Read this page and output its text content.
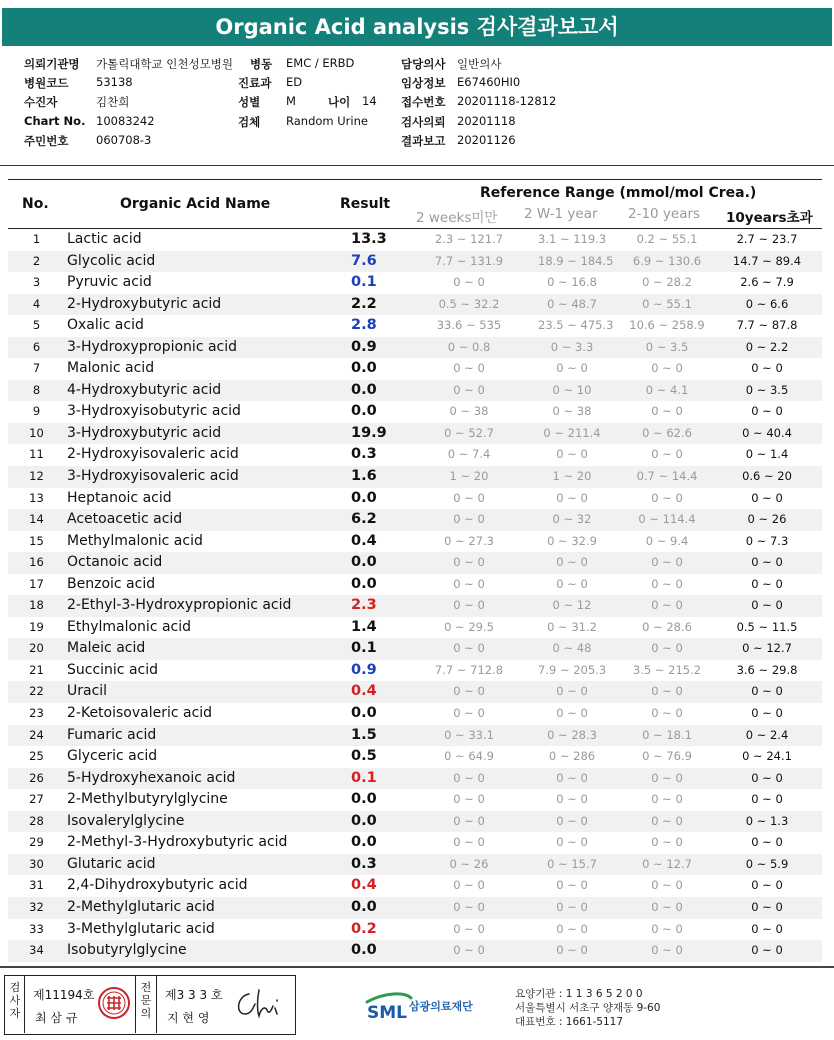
Organic Acid analysis 검사결과보고서
의뢰기관명 가톨릭대학교 인천성모병원 병동 EMC / ERBD	담당의사 일반의사
병원코드 53138	진료과 ED	임상정보 E67460HI0
수진자	김찬희	성별 M	나이 14 접수번호 20201118-12812
Chart No. 10083242	검체 Random Urine	검사의뢰 20201118
주민번호 060708-3	결과보고 20201126
No.	Organic Acid Name	Result
Reference Range (mmol/mol Crea.)
2 weeks미만 2 W-1 year 2-10 years 10years초과
1	Lactic acid	13.3	2.3 ~ 121.7	3.1 ~ 119.3	0.2 ~ 55.1	2.7 ~ 23.7
2	Glycolic acid	7.6	7.7 ~ 131.9	18.9 ~ 184.5	6.9 ~ 130.6	14.7 ~ 89.4
3	Pyruvic acid	0.1	0 ~ 0	0 ~ 16.8	0 ~ 28.2	2.6 ~ 7.9
4	2-Hydroxybutyric acid	2.2	0.5 ~ 32.2	0 ~ 48.7	0 ~ 55.1	0 ~ 6.6
5	Oxalic acid	2.8	33.6 ~ 535	23.5 ~ 475.3 10.6 ~ 258.9	7.7 ~ 87.8
6	3-Hydroxypropionic acid	0.9	0 ~ 0.8	0 ~ 3.3	0 ~ 3.5	0 ~ 2.2
7	Malonic acid	0.0	0 ~ 0	0 ~ 0	0 ~ 0	0 ~ 0
8	4-Hydroxybutyric acid	0.0	0 ~ 0	0 ~ 10	0 ~ 4.1	0 ~ 3.5
9	3-Hydroxyisobutyric acid	0.0	0 ~ 38	0 ~ 38	0 ~ 0	0 ~ 0
10	3-Hydroxybutyric acid	19.9	0 ~ 52.7	0 ~ 211.4	0 ~ 62.6	0 ~ 40.4
11	2-Hydroxyisovaleric acid	0.3	0 ~ 7.4	0 ~ 0	0 ~ 0	0 ~ 1.4
12	3-Hydroxyisovaleric acid	1.6	1 ~ 20	1 ~ 20	0.7 ~ 14.4	0.6 ~ 20
13	Heptanoic acid	0.0	0 ~ 0	0 ~ 0	0 ~ 0	0 ~ 0
14	Acetoacetic acid	6.2	0 ~ 0	0 ~ 32	0 ~ 114.4	0 ~ 26
15	Methylmalonic acid	0.4	0 ~ 27.3	0 ~ 32.9	0 ~ 9.4	0 ~ 7.3
16	Octanoic acid	0.0	0 ~ 0	0 ~ 0	0 ~ 0	0 ~ 0
17	Benzoic acid	0.0	0 ~ 0	0 ~ 0	0 ~ 0	0 ~ 0
18	2-Ethyl-3-Hydroxypropionic acid	2.3	0 ~ 0	0 ~ 12	0 ~ 0	0 ~ 0
19	Ethylmalonic acid	1.4	0 ~ 29.5	0 ~ 31.2	0 ~ 28.6	0.5 ~ 11.5
20	Maleic acid	0.1	0 ~ 0	0 ~ 48	0 ~ 0	0 ~ 12.7
21	Succinic acid	0.9	7.7 ~ 712.8	7.9 ~ 205.3	3.5 ~ 215.2	3.6 ~ 29.8
22	Uracil	0.4	0 ~ 0	0 ~ 0	0 ~ 0	0 ~ 0
23	2-Ketoisovaleric acid	0.0	0 ~ 0	0 ~ 0	0 ~ 0	0 ~ 0
24	Fumaric acid	1.5	0 ~ 33.1	0 ~ 28.3	0 ~ 18.1	0 ~ 2.4
25	Glyceric acid	0.5	0 ~ 64.9	0 ~ 286	0 ~ 76.9	0 ~ 24.1
26	5-Hydroxyhexanoic acid	0.1	0 ~ 0	0 ~ 0	0 ~ 0	0 ~ 0
27	2-Methylbutyrylglycine	0.0	0 ~ 0	0 ~ 0	0 ~ 0	0 ~ 0
28	Isovalerylglycine	0.0	0 ~ 0	0 ~ 0	0 ~ 0	0 ~ 1.3
29	2-Methyl-3-Hydroxybutyric acid	0.0	0 ~ 0	0 ~ 0	0 ~ 0	0 ~ 0
30	Glutaric acid	0.3	0 ~ 26	0 ~ 15.7	0 ~ 12.7	0 ~ 5.9
31	2,4-Dihydroxybutyric acid	0.4	0 ~ 0	0 ~ 0	0 ~ 0	0 ~ 0
32	2-Methylglutaric acid	0.0	0 ~ 0	0 ~ 0	0 ~ 0	0 ~ 0
33	3-Methylglutaric acid	0.2	0 ~ 0	0 ~ 0	0 ~ 0	0 ~ 0
34	Isobutyrylglycine	0.0	0 ~ 0	0 ~ 0	0 ~ 0	0 ~ 0
검사자
제11194호
최 삼 규
전문의
제3 3 3 호
지 현 영	SML 삼광의료재단
요양기관 : 1 1 3 6 5 2 0 0
서울특별시 서초구 양재동 9-60
대표번호 : 1661-5117
